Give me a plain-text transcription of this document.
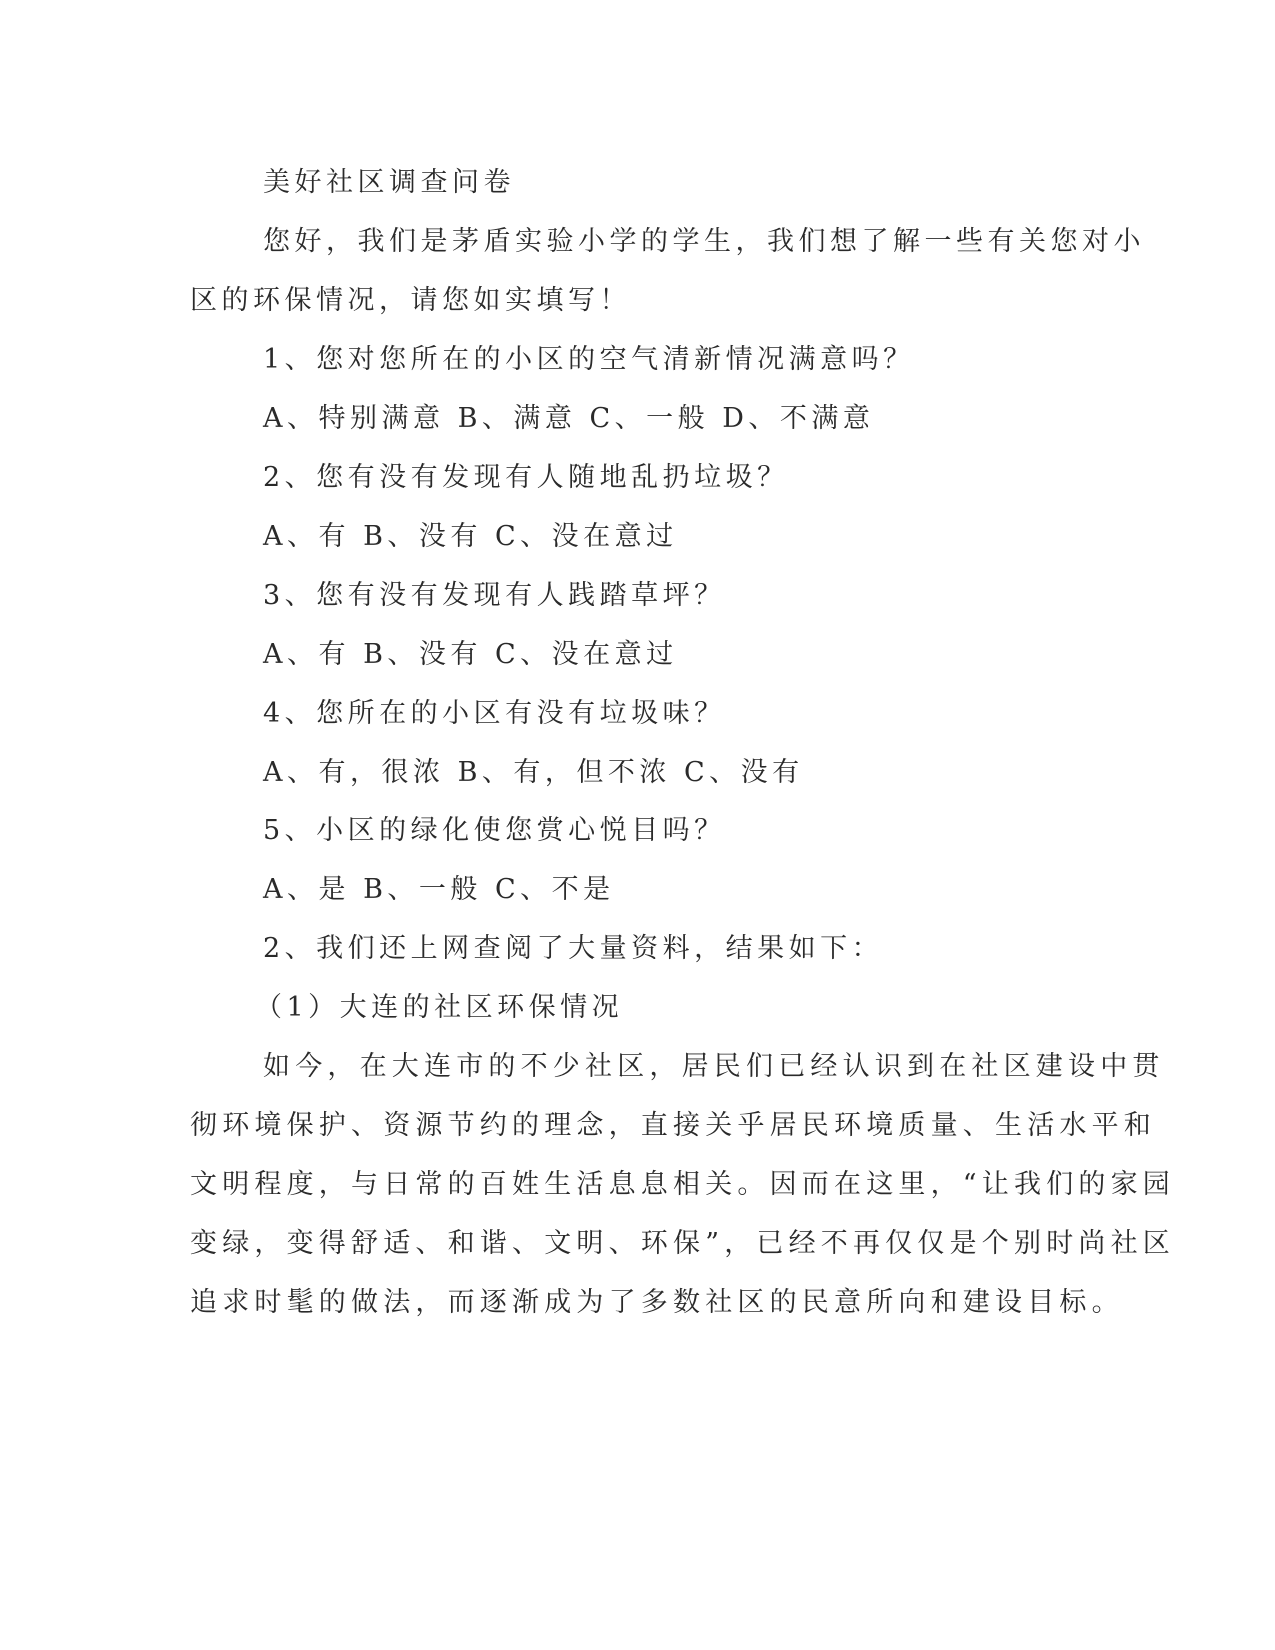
美好社区调查问卷
您好，我们是茅盾实验小学的学生，我们想了解一些有关您对小
区的环保情况，请您如实填写！
1、您对您所在的小区的空气清新情况满意吗？
A、特别满意 B、满意 C、一般 D、不满意
2、您有没有发现有人随地乱扔垃圾？
A、有 B、没有 C、没在意过
3、您有没有发现有人践踏草坪？
A、有 B、没有 C、没在意过
4、您所在的小区有没有垃圾味？
A、有，很浓 B、有，但不浓 C、没有
5、小区的绿化使您赏心悦目吗？
A、是 B、一般 C、不是
2、我们还上网查阅了大量资料，结果如下：
（1）大连的社区环保情况
如今，在大连市的不少社区，居民们已经认识到在社区建设中贯
彻环境保护、资源节约的理念，直接关乎居民环境质量、生活水平和
文明程度，与日常的百姓生活息息相关。因而在这里，“让我们的家园
变绿，变得舒适、和谐、文明、环保”，已经不再仅仅是个别时尚社区
追求时髦的做法，而逐渐成为了多数社区的民意所向和建设目标。
